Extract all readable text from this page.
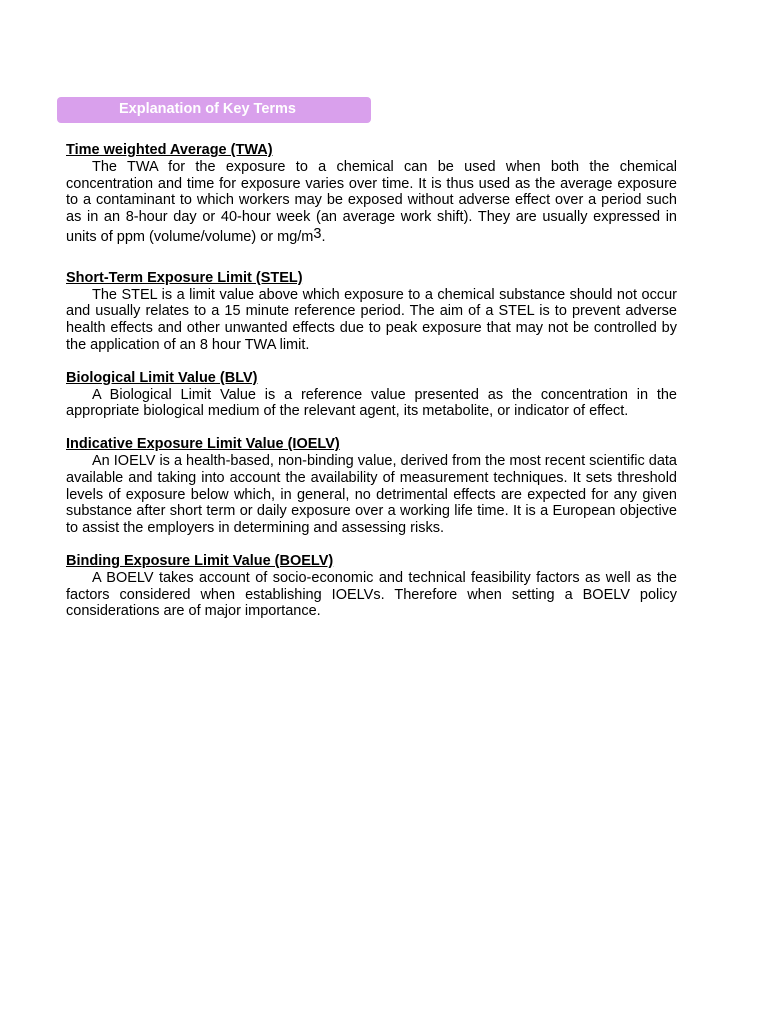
Explanation of Key Terms

Time weighted Average (TWA)

The TWA for the exposure to a chemical can be used when both the chemical concentration and time for exposure varies over time. It is thus used as the average exposure to a contaminant to which workers may be exposed without adverse effect over a period such as in an 8-hour day or 40-hour week (an average work shift). They are usually expressed in units of ppm (volume/volume) or mg/m3.

Short-Term Exposure Limit (STEL)

The STEL is a limit value above which exposure to a chemical substance should not occur and usually relates to a 15 minute reference period. The aim of a STEL is to prevent adverse health effects and other unwanted effects due to peak exposure that may not be controlled by the application of an 8 hour TWA limit.

Biological Limit Value (BLV)

A Biological Limit Value is a reference value presented as the concentration in the appropriate biological medium of the relevant agent, its metabolite, or indicator of effect.

Indicative Exposure Limit Value (IOELV)

An IOELV is a health-based, non-binding value, derived from the most recent scientific data available and taking into account the availability of measurement techniques. It sets threshold levels of exposure below which, in general, no detrimental effects are expected for any given substance after short term or daily exposure over a working life time. It is a European objective to assist the employers in determining and assessing risks.

Binding Exposure Limit Value (BOELV)

A BOELV takes account of socio-economic and technical feasibility factors as well as the factors considered when establishing IOELVs. Therefore when setting a BOELV policy considerations are of major importance.
